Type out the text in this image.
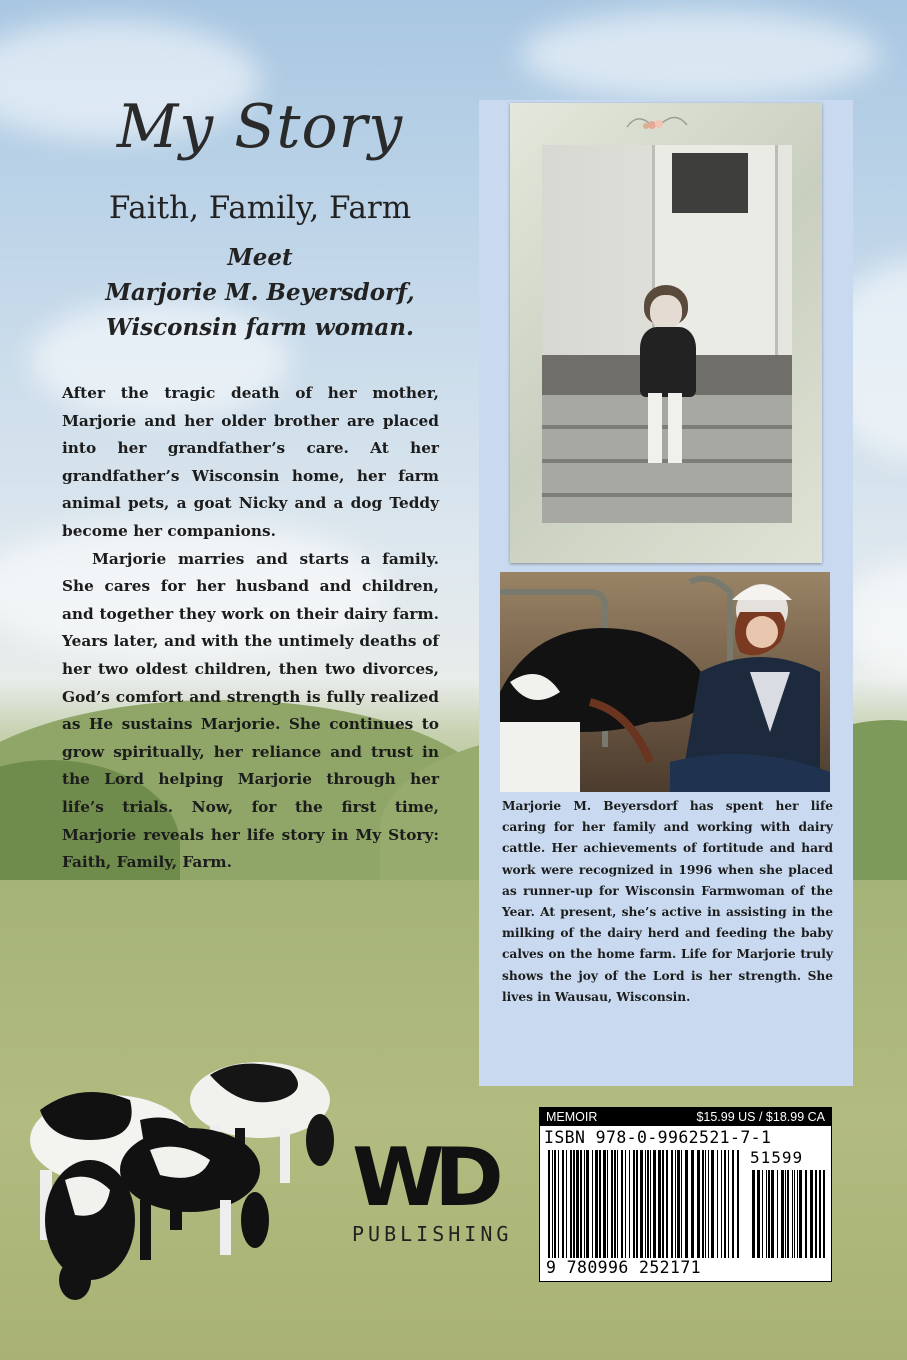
My Story
Faith, Family, Farm
Meet
Marjorie M. Beyersdorf,
Wisconsin farm woman.

After the tragic death of her mother, Marjorie and her older brother are placed into her grandfather’s care. At her grandfather’s Wisconsin home, her farm animal pets, a goat Nicky and a dog Teddy become her companions.

Marjorie marries and starts a family. She cares for her husband and children, and together they work on their dairy farm. Years later, and with the untimely deaths of her two oldest children, then two divorces, God’s comfort and strength is fully realized as He sustains Marjorie. She continues to grow spiritually, her reliance and trust in the Lord helping Marjorie through her life’s trials. Now, for the first time, Marjorie reveals her life story in My Story: Faith, Family, Farm.

Marjorie M. Beyersdorf has spent her life caring for her family and working with dairy cattle. Her achievements of fortitude and hard work were recognized in 1996 when she placed as runner-up for Wisconsin Farmwoman of the Year. At present, she’s active in assisting in the milking of the dairy herd and feeding the baby calves on the home farm. Life for Marjorie truly shows the joy of the Lord is her strength. She lives in Wausau, Wisconsin.
WD
PUBLISHING
MEMOIR	$15.99 US / $18.99 CA
ISBN 978-0-9962521-7-1
51599
9 780996 252171
